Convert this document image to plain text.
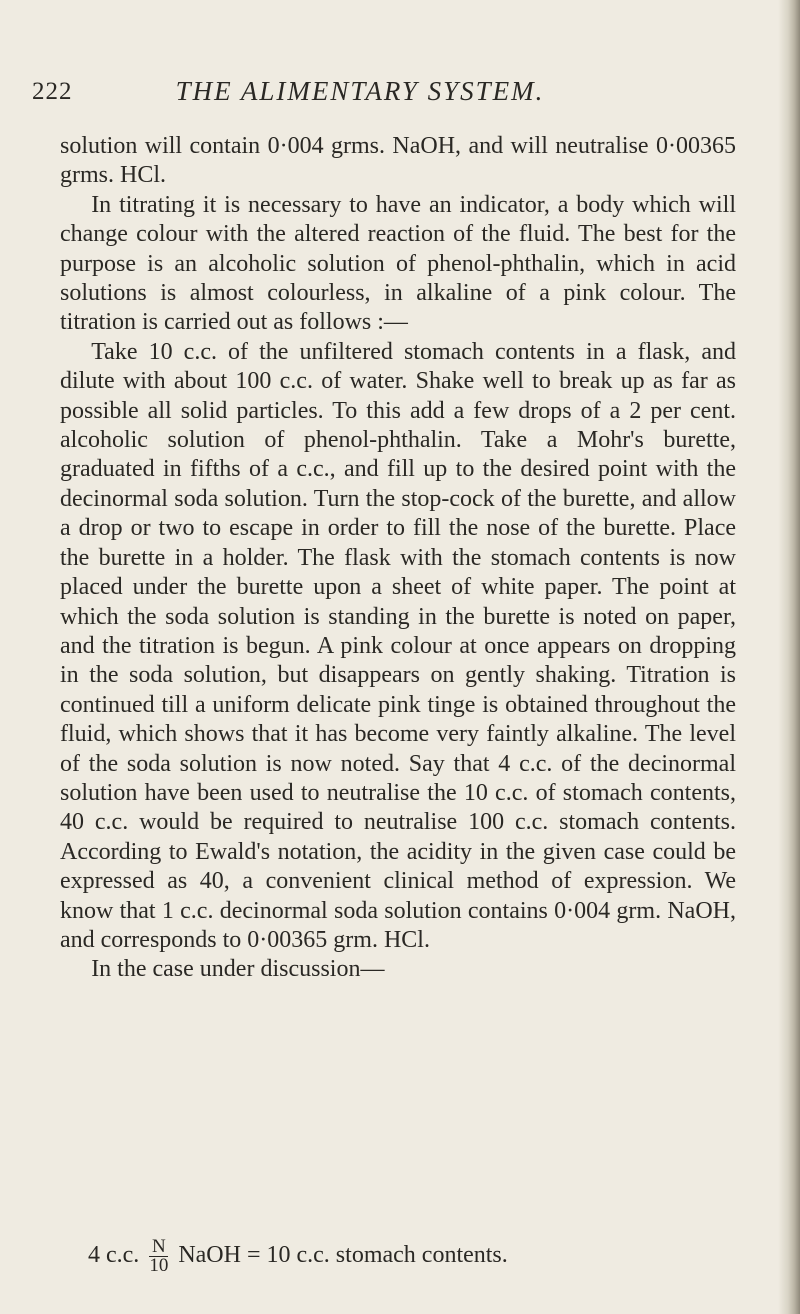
222	THE ALIMENTARY SYSTEM.

solution will contain 0·004 grms. NaOH, and will neutralise 0·00365 grms. HCl.

In titrating it is necessary to have an indicator, a body which will change colour with the altered reaction of the fluid. The best for the purpose is an alcoholic solution of phenol-phthalin, which in acid solutions is almost colourless, in alkaline of a pink colour. The titration is carried out as follows :—

Take 10 c.c. of the unfiltered stomach contents in a flask, and dilute with about 100 c.c. of water. Shake well to break up as far as possible all solid particles. To this add a few drops of a 2 per cent. alcoholic solution of phenol-phthalin. Take a Mohr's burette, graduated in fifths of a c.c., and fill up to the desired point with the decinormal soda solution. Turn the stop-cock of the burette, and allow a drop or two to escape in order to fill the nose of the burette. Place the burette in a holder. The flask with the stomach contents is now placed under the burette upon a sheet of white paper. The point at which the soda solution is standing in the burette is noted on paper, and the titration is begun. A pink colour at once appears on dropping in the soda solution, but disappears on gently shaking. Titration is continued till a uniform delicate pink tinge is obtained throughout the fluid, which shows that it has become very faintly alkaline. The level of the soda solution is now noted. Say that 4 c.c. of the decinormal solution have been used to neutralise the 10 c.c. of stomach contents, 40 c.c. would be required to neutralise 100 c.c. stomach contents. According to Ewald's notation, the acidity in the given case could be expressed as 40, a convenient clinical method of expression. We know that 1 c.c. decinormal soda solution contains 0·004 grm. NaOH, and corresponds to 0·00365 grm. HCl.

In the case under discussion—

4 c.c. $\frac{N}{10}$ NaOH = 10 c.c. stomach contents.
